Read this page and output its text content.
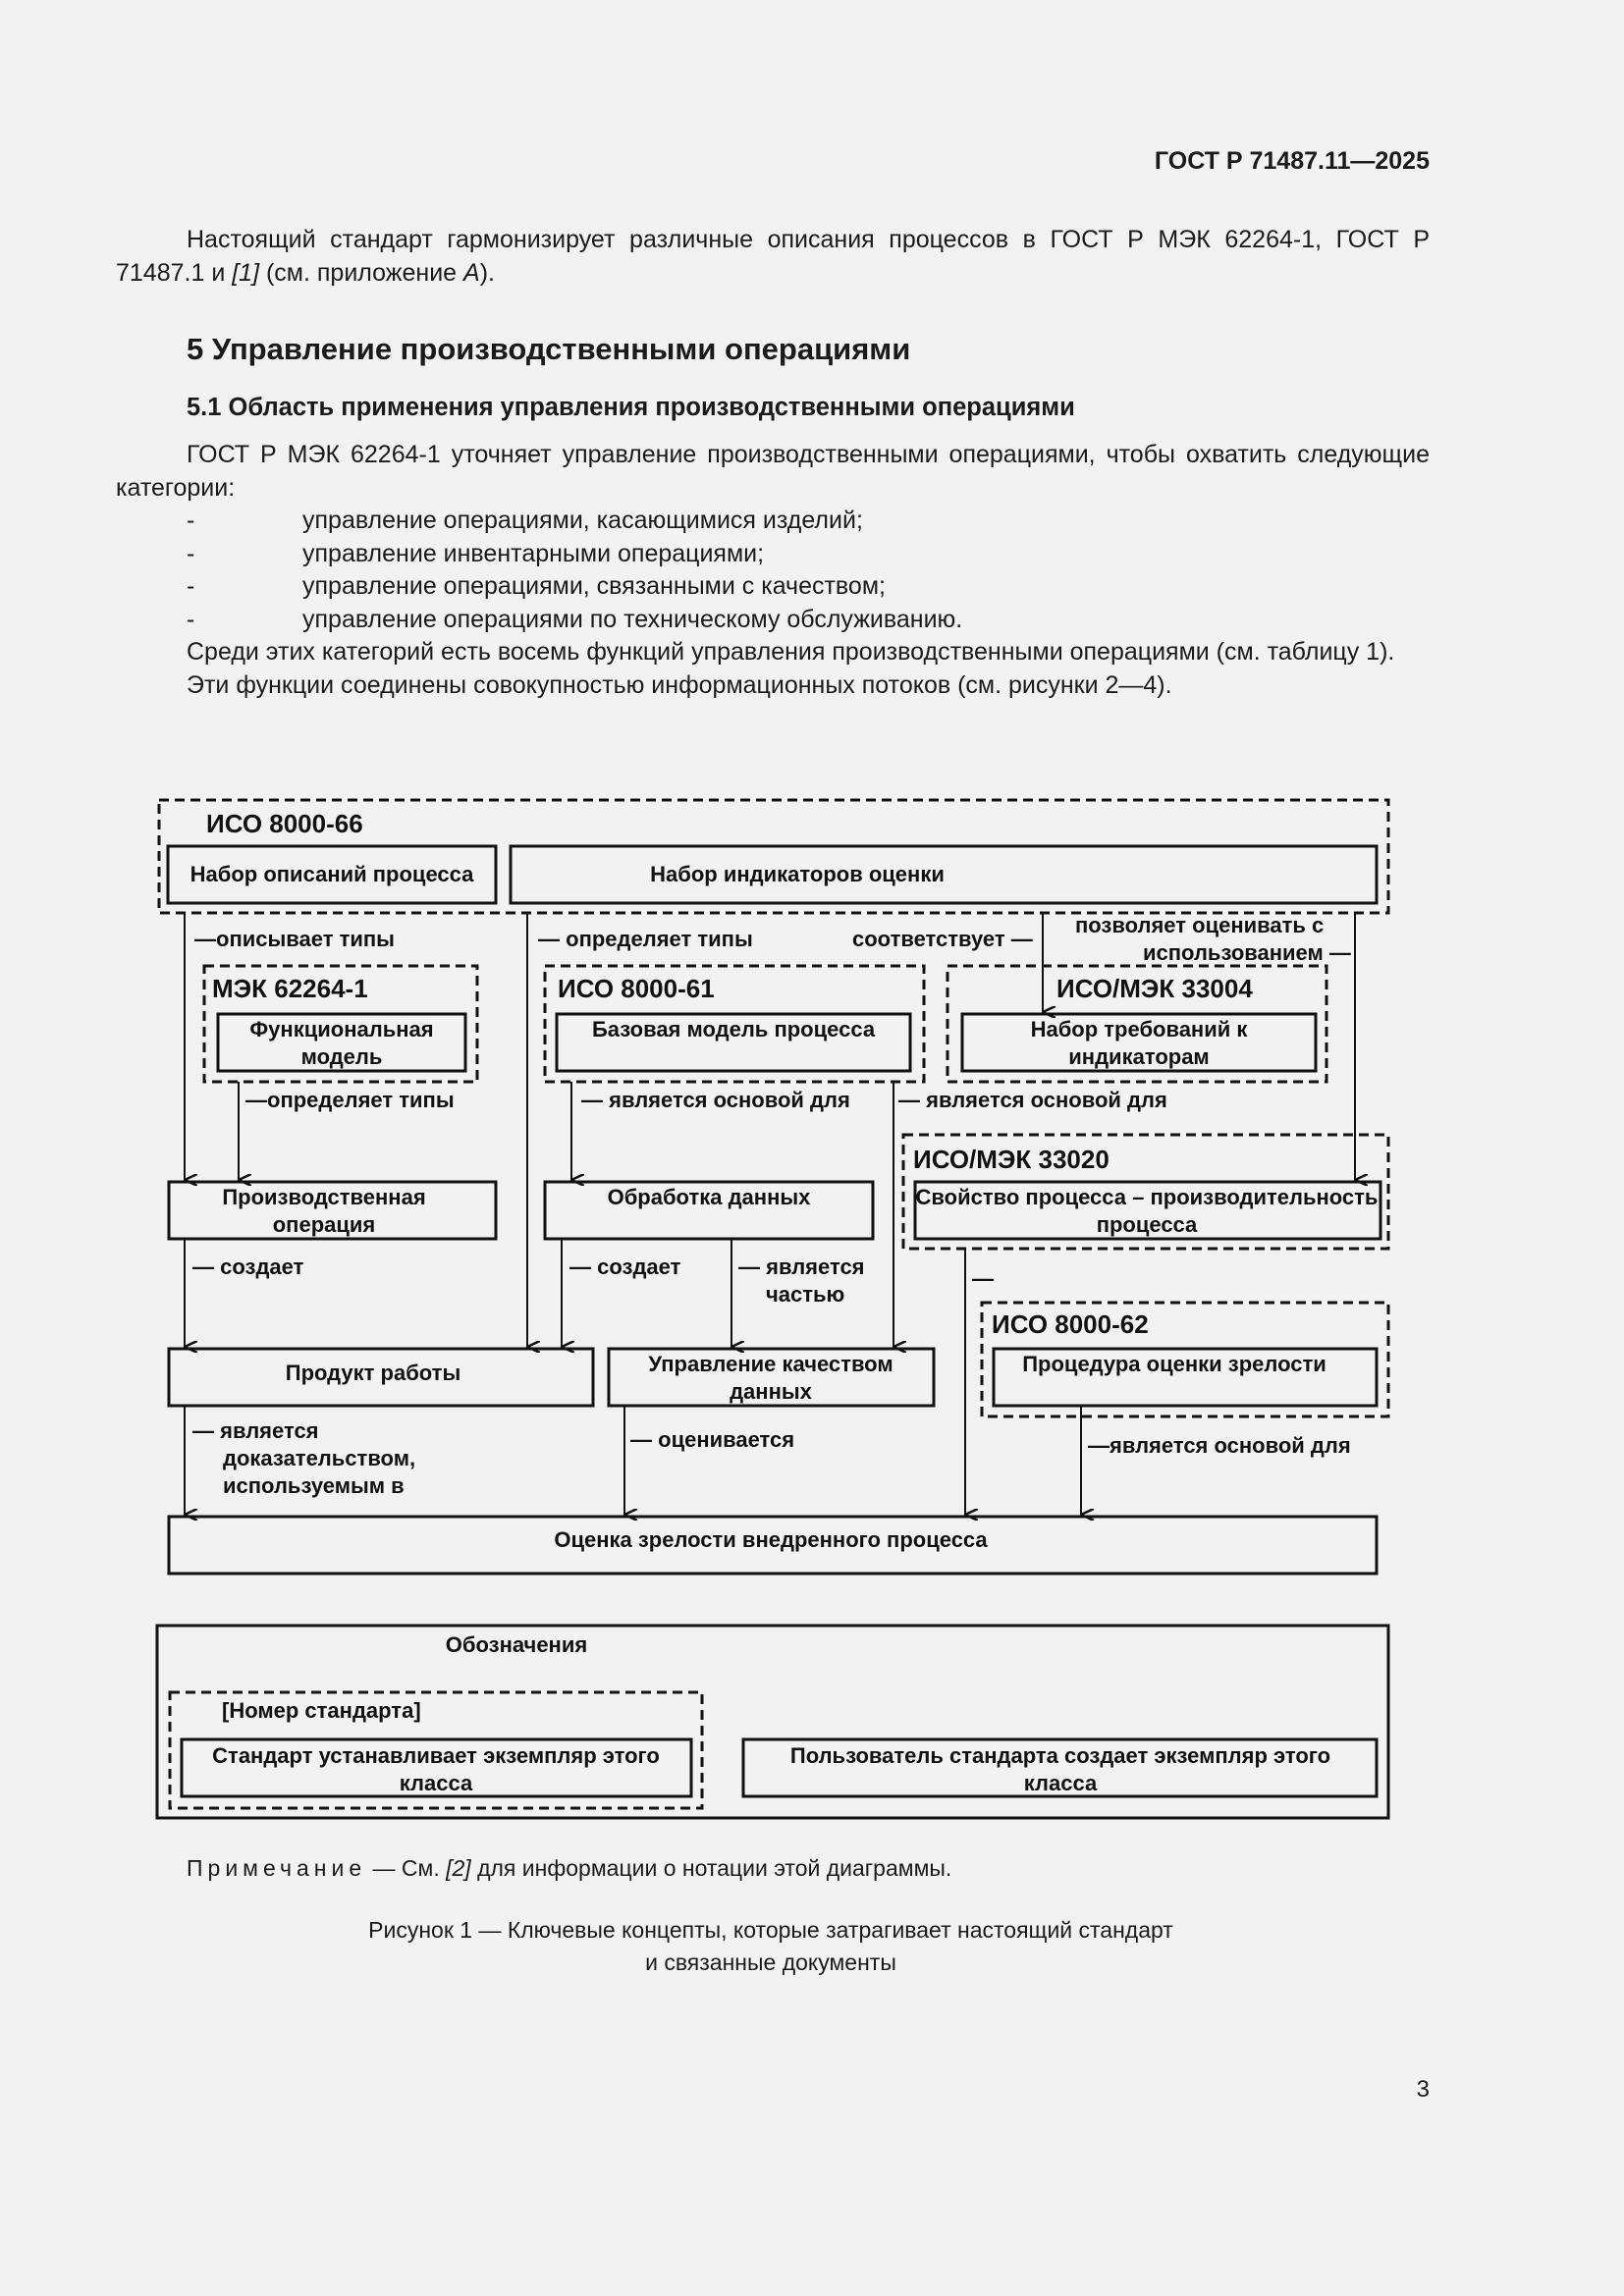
ГОСТ Р 71487.11—2025

Настоящий стандарт гармонизирует различные описания процессов в ГОСТ Р МЭК 62264-1, ГОСТ Р 71487.1 и [1] (см. приложение А).

5 Управление производственными операциями
5.1 Область применения управления производственными операциями

ГОСТ Р МЭК 62264-1 уточняет управление производственными операциями, чтобы охватить следующие категории:

- управление операциями, касающимися изделий;
- управление инвентарными операциями;
- управление операциями, связанными с качеством;
- управление операциями по техническому обслуживанию.

Среди этих категорий есть восемь функций управления производственными операциями (см. таблицу 1).

Эти функции соединены совокупностью информационных потоков (см. рисунки 2—4).

ИСО 8000-66
МЭК 62264-1	ИСО 8000-61	ИСО/МЭК 33004
ИСО/МЭК 33020
ИСО 8000-62
Набор описаний процесса	Набор индикаторов оценки
Функциональная
модель
Базовая модель процесса	Набор требований к
индикаторам
Производственная
операция
Обработка данных	Свойство процесса – производительность
процесса
Продукт работы	Управление качеством
данных
Процедура оценки зрелости
Оценка зрелости внедренного процесса
—описывает типы	— определяет типы	соответствует —
позволяет оценивать с
использованием —
—определяет типы	— является основой для — является основой для
— создает	— создает	— является
частью
— является
доказательством,
используемым в
— оценивается	—является основой для
—
Обозначения
[Номер стандарта]
Стандарт устанавливает экземпляр этого
класса
Пользователь стандарта создает экземпляр этого
класса
Примечание — См. [2] для информации о нотации этой диаграммы.
Рисунок 1 — Ключевые концепты, которые затрагивает настоящий стандарт
и связанные документы
3
